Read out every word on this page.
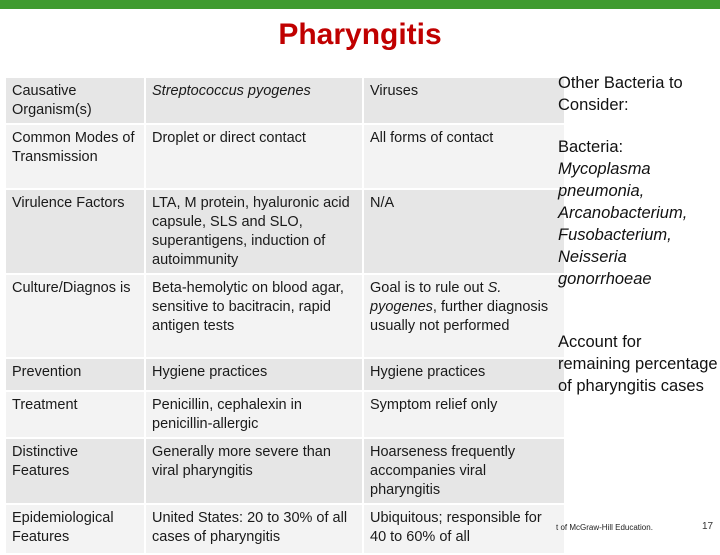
Pharyngitis
Causative Organism(s)	Streptococcus pyogenes	Viruses
Common Modes of Transmission	Droplet or direct contact	All forms of contact
Virulence Factors	LTA, M protein, hyaluronic acid capsule, SLS and SLO, superantigens, induction of autoimmunity	N/A
Culture/Diagnos is	Beta-hemolytic on blood agar, sensitive to bacitracin, rapid antigen tests	Goal is to rule out S. pyogenes, further diagnosis usually not performed
Prevention	Hygiene practices	Hygiene practices
Treatment	Penicillin, cephalexin in penicillin-allergic	Symptom relief only
Distinctive Features	Generally more severe than viral pharyngitis	Hoarseness frequently accompanies viral pharyngitis
Epidemiological Features	United States: 20 to 30% of all cases of pharyngitis	Ubiquitous; responsible for 40 to 60% of all
Other Bacteria to Consider:
Bacteria:
Mycoplasma pneumonia, Arcanobacterium, Fusobacterium, Neisseria gonorrhoeae
Account for remaining percentage of pharyngitis cases
t of McGraw-Hill Education.	17
